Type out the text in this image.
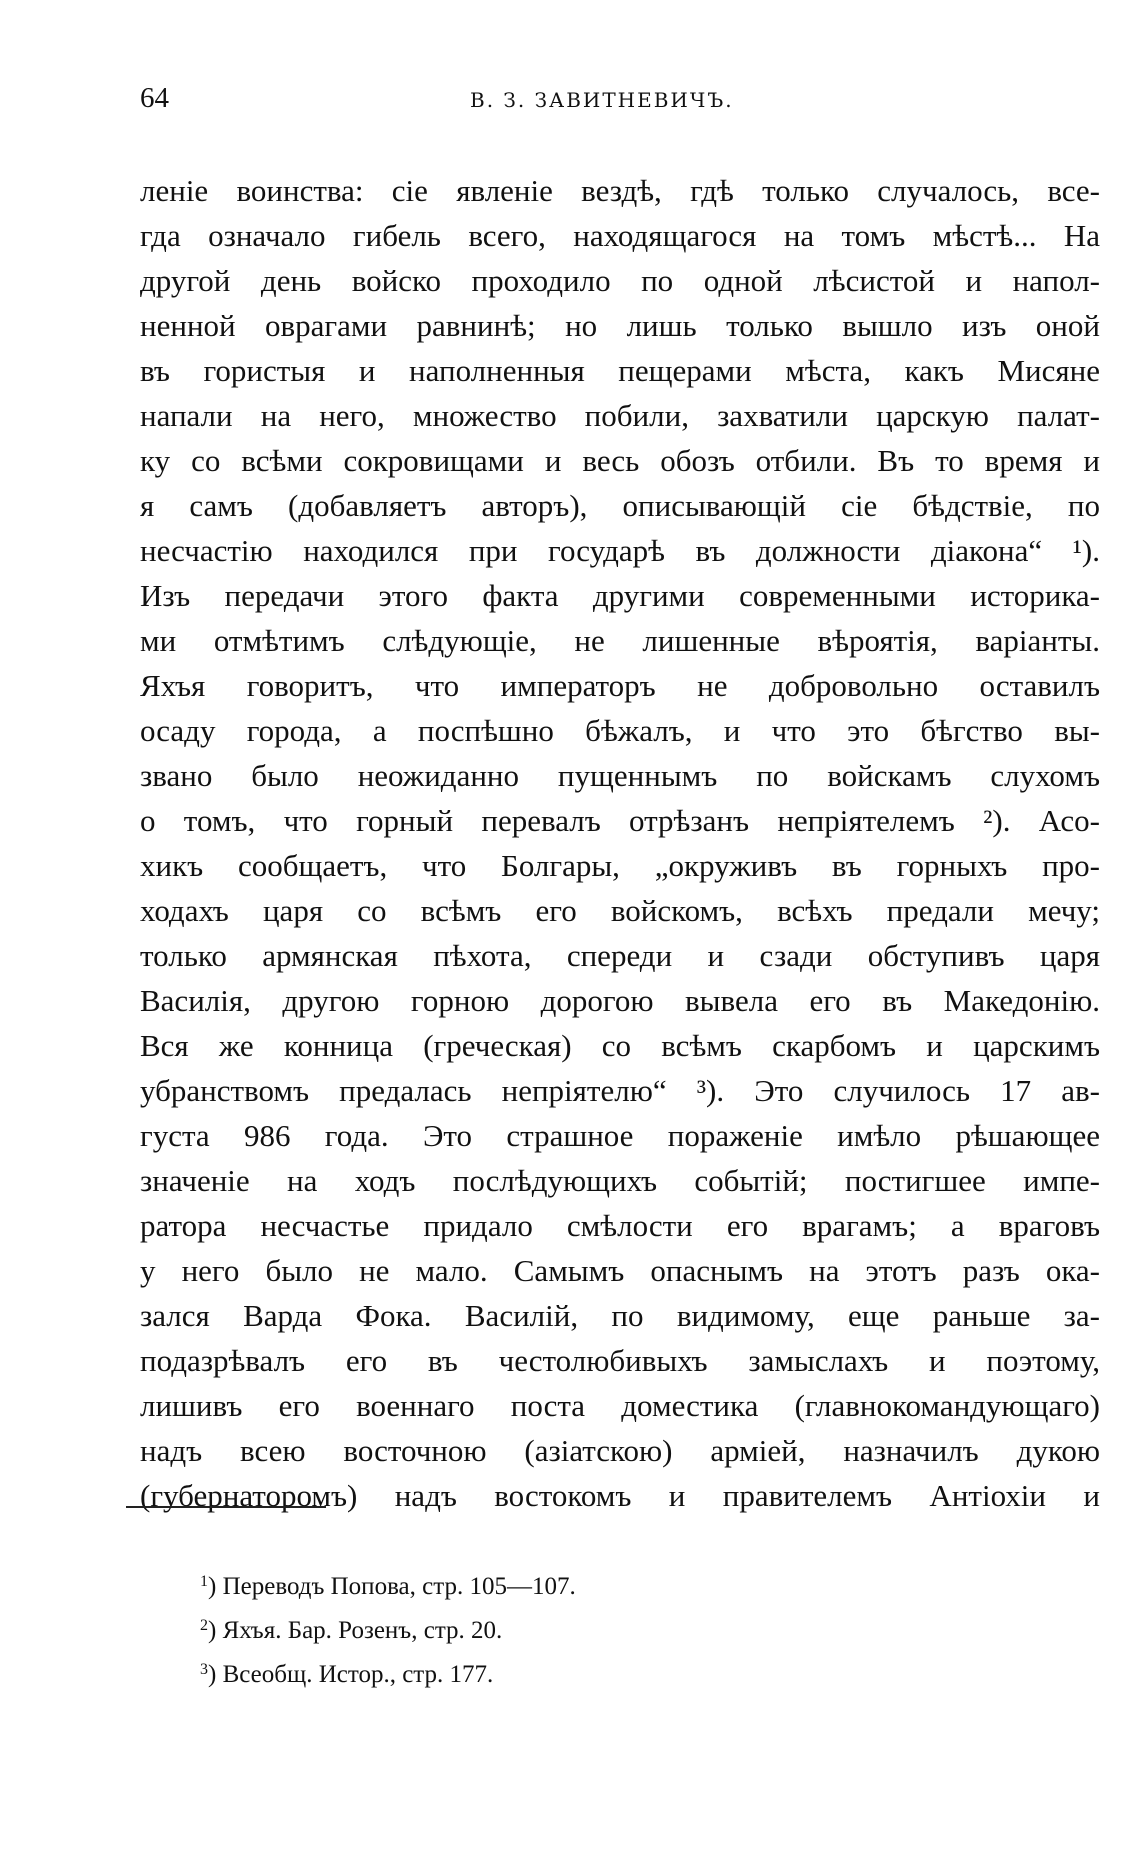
64	В. З. ЗАВИТНЕВИЧЪ.
леніе воинства: сіе явленіе вездѣ, гдѣ только случалось, все-
гда означало гибель всего, находящагося на томъ мѣстѣ... На
другой день войско проходило по одной лѣсистой и напол-
ненной оврагами равнинѣ; но лишь только вышло изъ оной
въ гористыя и наполненныя пещерами мѣста, какъ Мисяне
напали на него, множество побили, захватили царскую палат-
ку со всѣми сокровищами и весь обозъ отбили. Въ то время и
я самъ (добавляетъ авторъ), описывающій сіе бѣдствіе, по
несчастію находился при государѣ въ должности діакона“ ¹).
Изъ передачи этого факта другими современными историка-
ми отмѣтимъ слѣдующіе, не лишенные вѣроятія, варіанты.
Яхъя говоритъ, что императоръ не добровольно оставилъ
осаду города, а поспѣшно бѣжалъ, и что это бѣгство вы-
звано было неожиданно пущеннымъ по войскамъ слухомъ
о томъ, что горный перевалъ отрѣзанъ непріятелемъ ²). Асо-
хикъ сообщаетъ, что Болгары, „окруживъ въ горныхъ про-
ходахъ царя со всѣмъ его войскомъ, всѣхъ предали мечу;
только армянская пѣхота, спереди и сзади обступивъ царя
Василія, другою горною дорогою вывела его въ Македонію.
Вся же конница (греческая) со всѣмъ скарбомъ и царскимъ
убранствомъ предалась непріятелю“ ³). Это случилось 17 ав-
густа 986 года. Это страшное пораженіе имѣло рѣшающее
значеніе на ходъ послѣдующихъ событій; постигшее импе-
ратора несчастье придало смѣлости его врагамъ; а враговъ
у него было не мало. Самымъ опаснымъ на этотъ разъ ока-
зался Варда Фока. Василій, по видимому, еще раньше за-
подазрѣвалъ его въ честолюбивыхъ замыслахъ и поэтому,
лишивъ его военнаго поста доместика (главнокомандующаго)
надъ всею восточною (азіатскою) арміей, назначилъ дукою
(губернаторомъ) надъ востокомъ и правителемъ Антіохіи и
$^1$) Переводъ Попова, стр. 105—107.
$^2$) Яхъя. Бар. Розенъ, стр. 20.
$^3$) Всеобщ. Истор., стр. 177.
